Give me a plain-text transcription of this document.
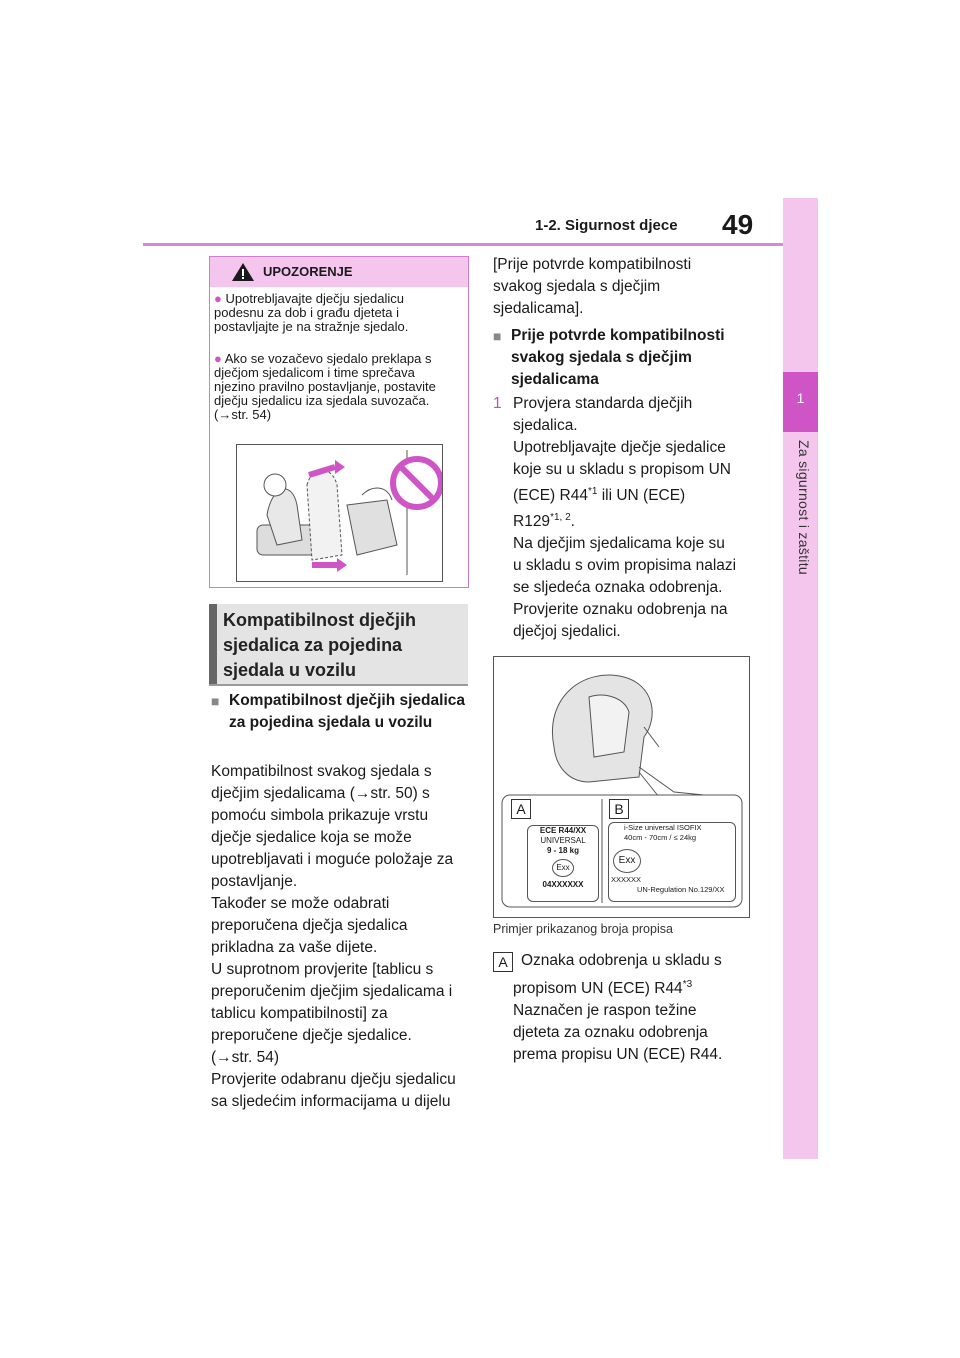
1-2. Sigurnost djece 49
1
Za sigurnost i zaštitu
UPOZORENJE
● Upotrebljavajte dječju sjedalicu podesnu za dob i građu djeteta i postavljajte je na stražnje sjedalo.
● Ako se vozačevo sjedalo preklapa s dječjom sjedalicom i time sprečava njezino pravilno postavljanje, postavite dječju sjedalicu iza sjedala suvozača. (→str. 54)
Kompatibilnost dječjih sjedalica za pojedina sjedala u vozilu
■ Kompatibilnost dječjih sjedalica za pojedina sjedala u vozilu
Kompatibilnost svakog sjedala s
dječjim sjedalicama (→str. 50) s
pomoću simbola prikazuje vrstu
dječje sjedalice koja se može
upotrebljavati i moguće položaje za
postavljanje.
Također se može odabrati
preporučena dječja sjedalica
prikladna za vaše dijete.
U suprotnom provjerite [tablicu s
preporučenim dječjim sjedalicama i
tablicu kompatibilnosti] za
preporučene dječje sjedalice.
(→str. 54)
Provjerite odabranu dječju sjedalicu
sa sljedećim informacijama u dijelu
[Prije potvrde kompatibilnosti
svakog sjedala s dječjim
sjedalicama].
■ Prije potvrde kompatibilnosti
svakog sjedala s dječjim
sjedalicama
1 Provjera standarda dječjih
sjedalica.
Upotrebljavajte dječje sjedalice
koje su u skladu s propisom UN
(ECE) R44$^{*1}$ ili UN (ECE)
R129$^{*1, 2}$.
Na dječjim sjedalicama koje su
u skladu s ovim propisima nalazi
se sljedeća oznaka odobrenja.
Provjerite oznaku odobrenja na
dječjoj sjedalici.
A	B
ECE R44/XX
UNIVERSAL
9 - 18 kg
Exx
04XXXXXX
i-Size universal ISOFIX
40cm - 70cm / ≤ 24kg
Exx
XXXXXX
UN-Regulation No.129/XX
Primjer prikazanog broja propisa
A Oznaka odobrenja u skladu s
propisom UN (ECE) R44$^{*3}$
Naznačen je raspon težine
djeteta za oznaku odobrenja
prema propisu UN (ECE) R44.
